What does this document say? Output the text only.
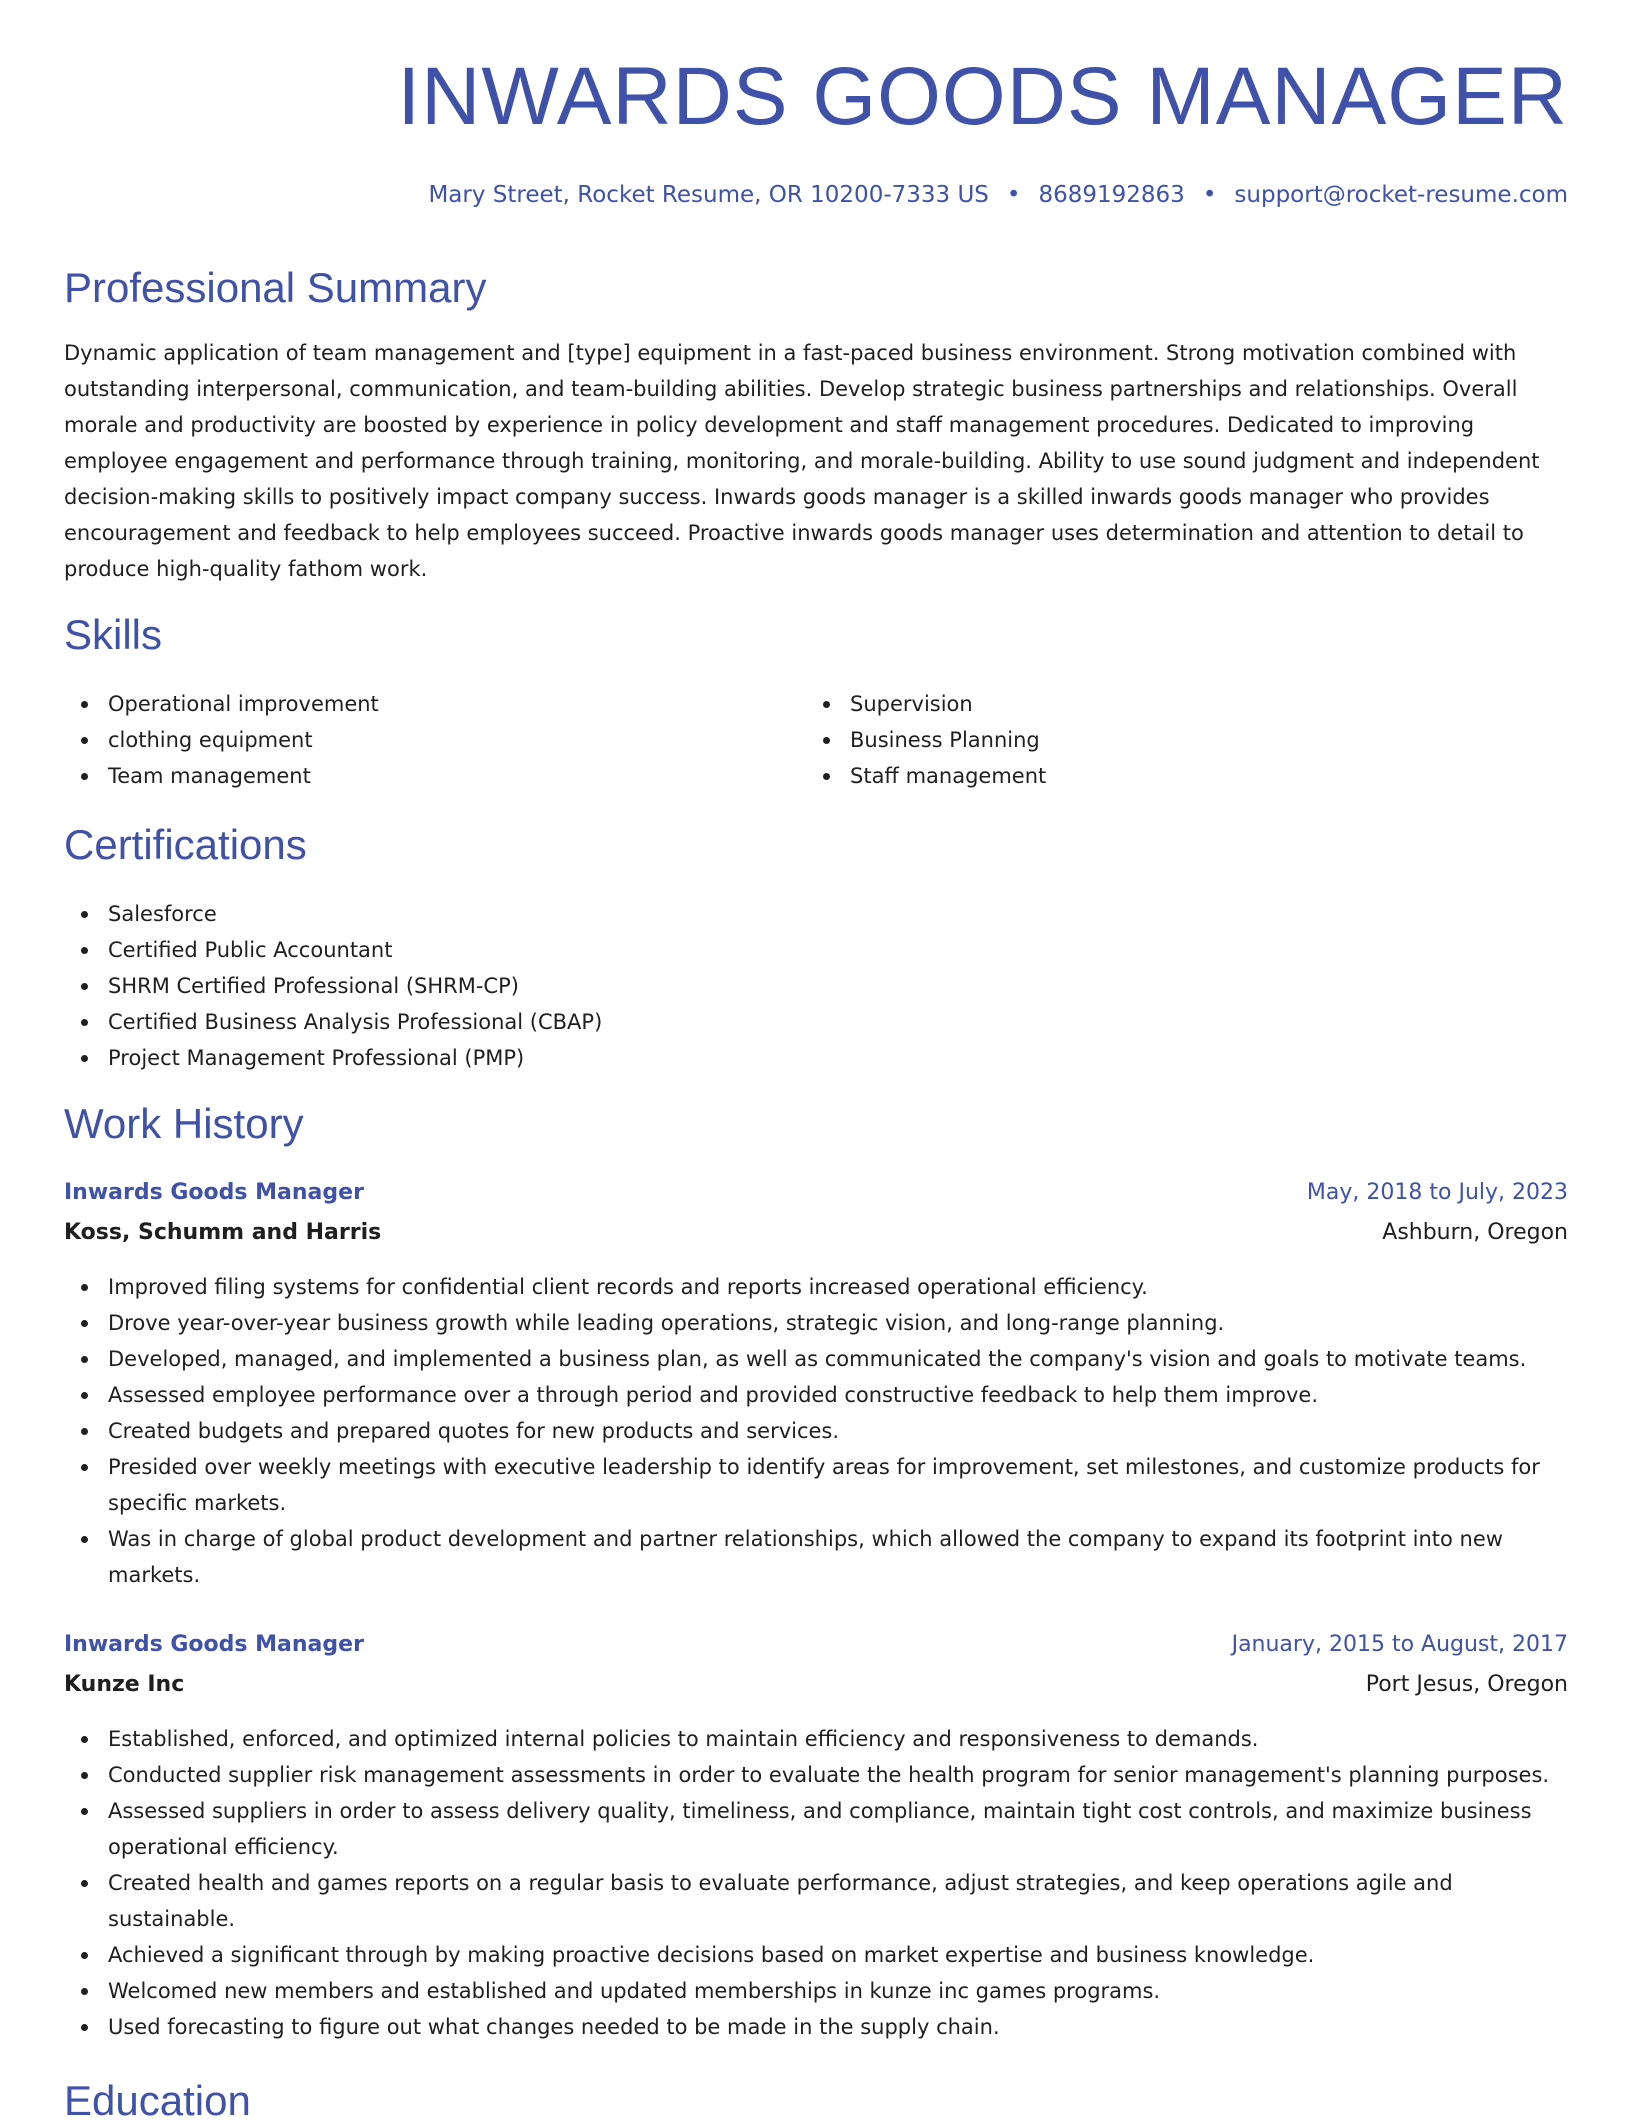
INWARDS GOODS MANAGER
Mary Street, Rocket Resume, OR 10200-7333 US • 8689192863 • support@rocket-resume.com
Professional Summary

Dynamic application of team management and [type] equipment in a fast-paced business environment. Strong motivation combined with outstanding interpersonal, communication, and team-building abilities. Develop strategic business partnerships and relationships. Overall morale and productivity are boosted by experience in policy development and staff management procedures. Dedicated to improving employee engagement and performance through training, monitoring, and morale-building. Ability to use sound judgment and independent decision-making skills to positively impact company success. Inwards goods manager is a skilled inwards goods manager who provides encouragement and feedback to help employees succeed. Proactive inwards goods manager uses determination and attention to detail to produce high-quality fathom work.

Skills
Operational improvement
clothing equipment
Team management
Supervision
Business Planning
Staff management
Certifications
Salesforce
Certified Public Accountant
SHRM Certified Professional (SHRM-CP)
Certified Business Analysis Professional (CBAP)
Project Management Professional (PMP)
Work History
Inwards Goods Manager	May, 2018 to July, 2023
Koss, Schumm and Harris	Ashburn, Oregon
Improved filing systems for confidential client records and reports increased operational efficiency.
Drove year-over-year business growth while leading operations, strategic vision, and long-range planning.
Developed, managed, and implemented a business plan, as well as communicated the company's vision and goals to motivate teams.
Assessed employee performance over a through period and provided constructive feedback to help them improve.
Created budgets and prepared quotes for new products and services.
Presided over weekly meetings with executive leadership to identify areas for improvement, set milestones, and customize products for specific markets.
Was in charge of global product development and partner relationships, which allowed the company to expand its footprint into new markets.
Inwards Goods Manager	January, 2015 to August, 2017
Kunze Inc	Port Jesus, Oregon
Established, enforced, and optimized internal policies to maintain efficiency and responsiveness to demands.
Conducted supplier risk management assessments in order to evaluate the health program for senior management's planning purposes.
Assessed suppliers in order to assess delivery quality, timeliness, and compliance, maintain tight cost controls, and maximize business operational efficiency.
Created health and games reports on a regular basis to evaluate performance, adjust strategies, and keep operations agile and sustainable.
Achieved a significant through by making proactive decisions based on market expertise and business knowledge.
Welcomed new members and established and updated memberships in kunze inc games programs.
Used forecasting to figure out what changes needed to be made in the supply chain.
Education
